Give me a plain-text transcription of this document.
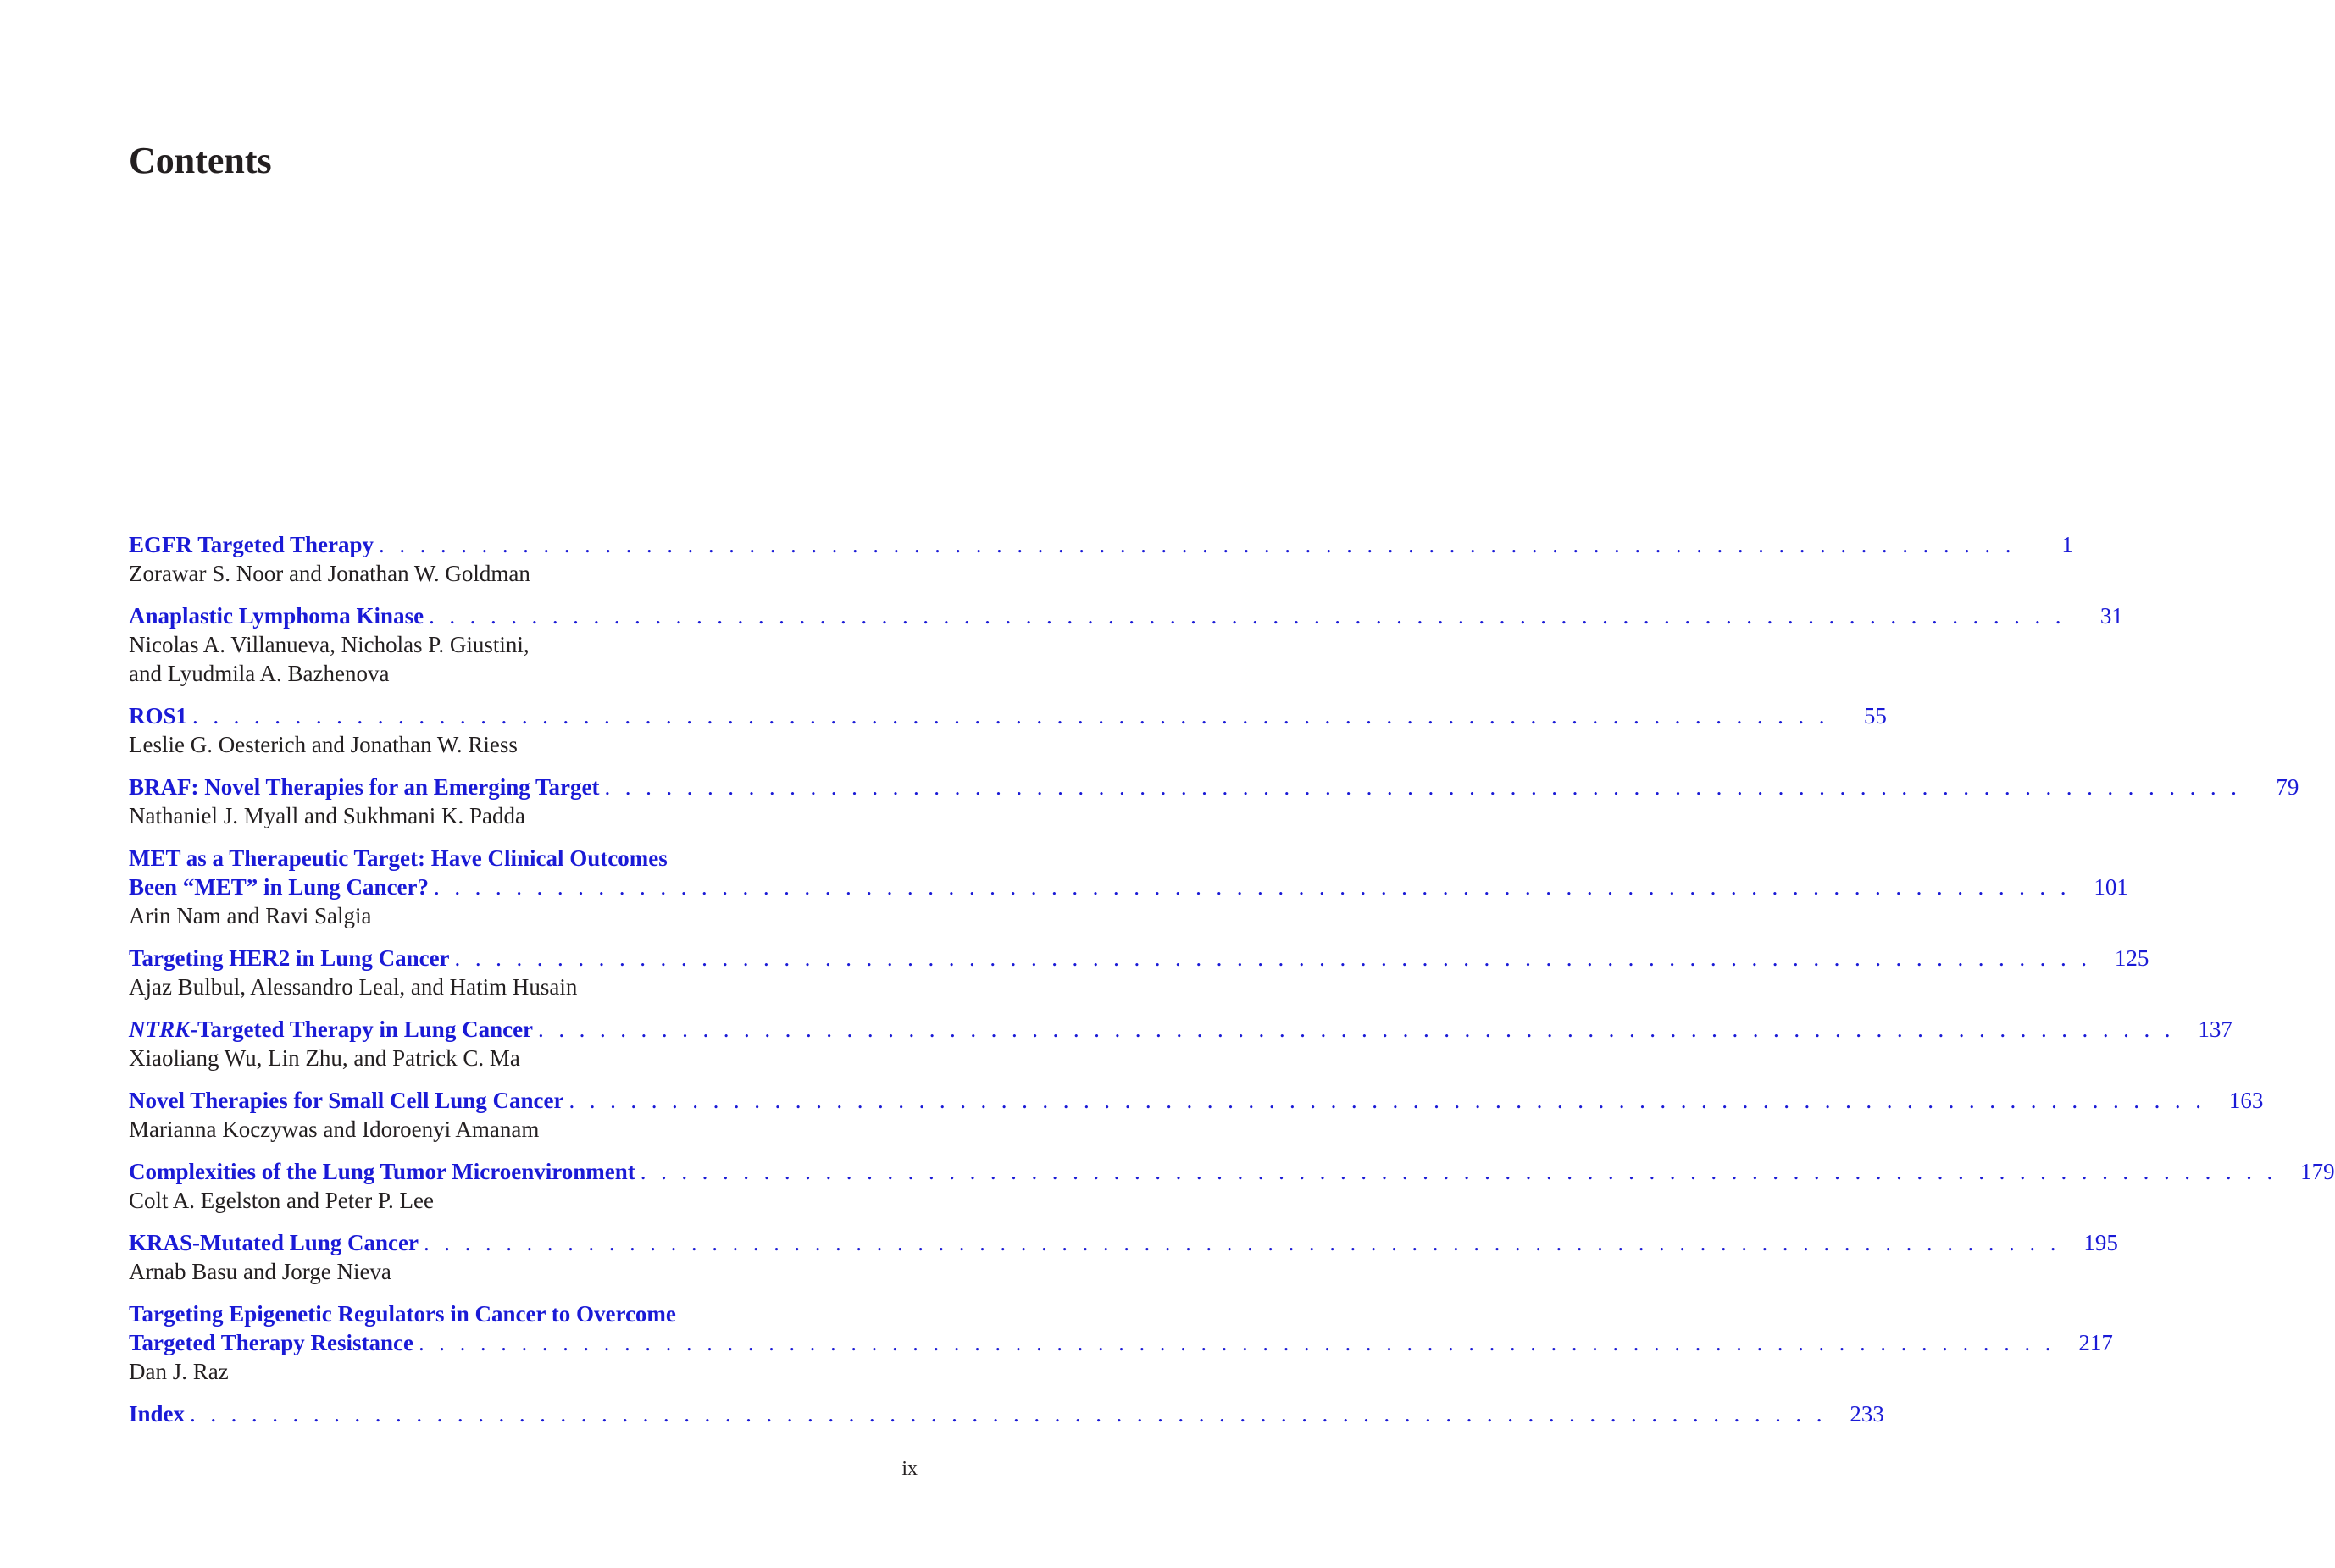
Contents
EGFR Targeted Therapy . . . . . . . . . . . . . . . . . . . . . . . . . . . . . . . . . . . . . . . . . . . . . . . . . . . . . . . . . . . . . . . . . . . . . . . . . . . . . . . .	1
Zorawar S. Noor and Jonathan W. Goldman
Anaplastic Lymphoma Kinase . . . . . . . . . . . . . . . . . . . . . . . . . . . . . . . . . . . . . . . . . . . . . . . . . . . . . . . . . . . . . . . . . . . . . . . . . . . . . . . .	31
Nicolas A. Villanueva, Nicholas P. Giustini,
and Lyudmila A. Bazhenova
ROS1 . . . . . . . . . . . . . . . . . . . . . . . . . . . . . . . . . . . . . . . . . . . . . . . . . . . . . . . . . . . . . . . . . . . . . . . . . . . . . . . .	55
Leslie G. Oesterich and Jonathan W. Riess
BRAF: Novel Therapies for an Emerging Target . . . . . . . . . . . . . . . . . . . . . . . . . . . . . . . . . . . . . . . . . . . . . . . . . . . . . . . . . . . . . . . . . . . . . . . . . . . . . . . .	79
Nathaniel J. Myall and Sukhmani K. Padda
MET as a Therapeutic Target: Have Clinical Outcomes
Been “MET” in Lung Cancer? . . . . . . . . . . . . . . . . . . . . . . . . . . . . . . . . . . . . . . . . . . . . . . . . . . . . . . . . . . . . . . . . . . . . . . . . . . . . . . . .	101
Arin Nam and Ravi Salgia
Targeting HER2 in Lung Cancer . . . . . . . . . . . . . . . . . . . . . . . . . . . . . . . . . . . . . . . . . . . . . . . . . . . . . . . . . . . . . . . . . . . . . . . . . . . . . . . .	125
Ajaz Bulbul, Alessandro Leal, and Hatim Husain
NTRK -Targeted Therapy in Lung Cancer . . . . . . . . . . . . . . . . . . . . . . . . . . . . . . . . . . . . . . . . . . . . . . . . . . . . . . . . . . . . . . . . . . . . . . . . . . . . . . . .	137
Xiaoliang Wu, Lin Zhu, and Patrick C. Ma
Novel Therapies for Small Cell Lung Cancer . . . . . . . . . . . . . . . . . . . . . . . . . . . . . . . . . . . . . . . . . . . . . . . . . . . . . . . . . . . . . . . . . . . . . . . . . . . . . . . .	163
Marianna Koczywas and Idoroenyi Amanam
Complexities of the Lung Tumor Microenvironment . . . . . . . . . . . . . . . . . . . . . . . . . . . . . . . . . . . . . . . . . . . . . . . . . . . . . . . . . . . . . . . . . . . . . . . . . . . . . . . .	179
Colt A. Egelston and Peter P. Lee
KRAS-Mutated Lung Cancer . . . . . . . . . . . . . . . . . . . . . . . . . . . . . . . . . . . . . . . . . . . . . . . . . . . . . . . . . . . . . . . . . . . . . . . . . . . . . . . .	195
Arnab Basu and Jorge Nieva
Targeting Epigenetic Regulators in Cancer to Overcome
Targeted Therapy Resistance . . . . . . . . . . . . . . . . . . . . . . . . . . . . . . . . . . . . . . . . . . . . . . . . . . . . . . . . . . . . . . . . . . . . . . . . . . . . . . . .	217
Dan J. Raz
Index . . . . . . . . . . . . . . . . . . . . . . . . . . . . . . . . . . . . . . . . . . . . . . . . . . . . . . . . . . . . . . . . . . . . . . . . . . . . . . . .	233
ix
